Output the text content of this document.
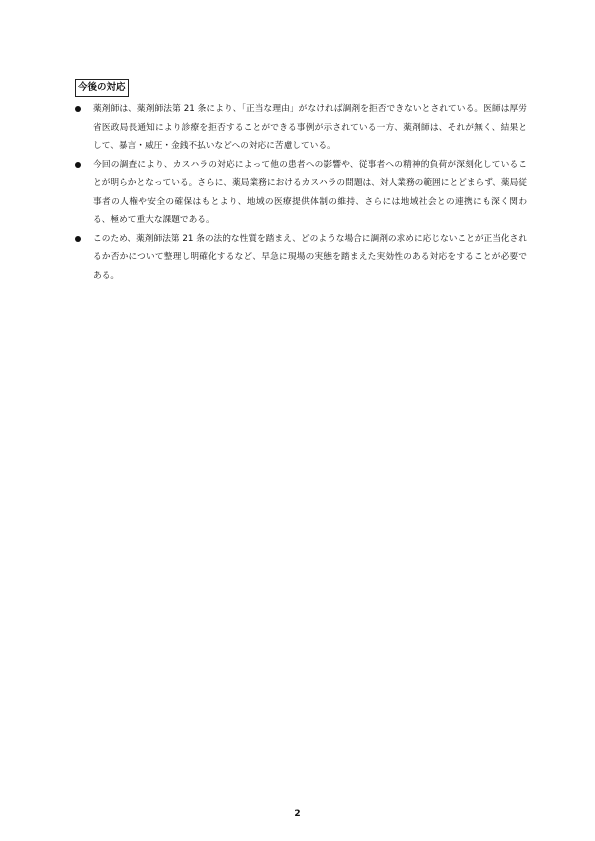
今後の対応
薬剤師は、薬剤師法第 21 条により、「正当な理由」がなければ調剤を拒否できないとされている。医師は厚労省医政局長通知により診療を拒否することができる事例が示されている一方、薬剤師は、それが無く、結果として、暴言・威圧・金銭不払いなどへの対応に苦慮している。
今回の調査により、カスハラの対応によって他の患者への影響や、従事者への精神的負荷が深刻化していることが明らかとなっている。さらに、薬局業務におけるカスハラの問題は、対人業務の範囲にとどまらず、薬局従事者の人権や安全の確保はもとより、地域の医療提供体制の維持、さらには地域社会との連携にも深く関わる、極めて重大な課題である。
このため、薬剤師法第 21 条の法的な性質を踏まえ、どのような場合に調剤の求めに応じないことが正当化されるか否かについて整理し明確化するなど、早急に現場の実態を踏まえた実効性のある対応をすることが必要である。
2
